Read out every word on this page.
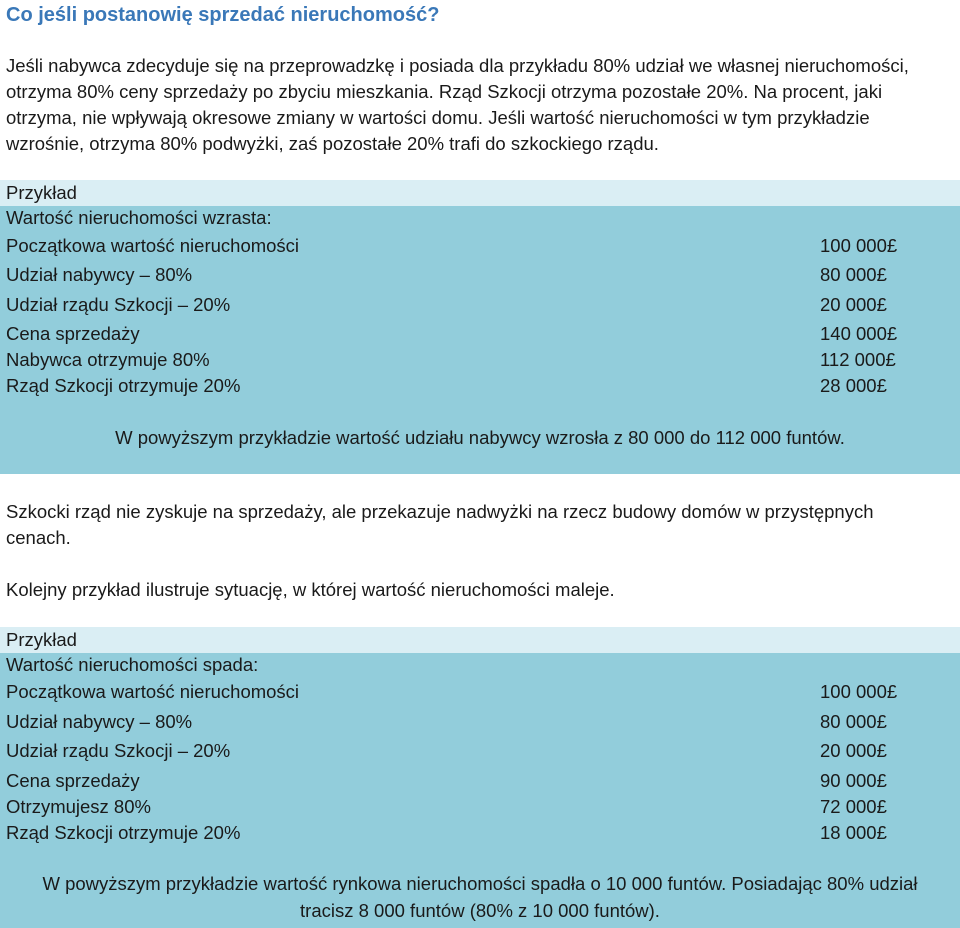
Co jeśli postanowię sprzedać nieruchomość?
Jeśli nabywca zdecyduje się na przeprowadzkę i posiada dla przykładu 80% udział we własnej nieruchomości,
otrzyma 80% ceny sprzedaży po zbyciu mieszkania. Rząd Szkocji otrzyma pozostałe 20%. Na procent, jaki
otrzyma, nie wpływają okresowe zmiany w wartości domu. Jeśli wartość nieruchomości w tym przykładzie
wzrośnie, otrzyma 80% podwyżki, zaś pozostałe 20% trafi do szkockiego rządu.
Przykład
Wartość nieruchomości wzrasta:
Początkowa wartość nieruchomości	100 000£
Udział nabywcy – 80%	80 000£
Udział rządu Szkocji – 20%	20 000£
Cena sprzedaży	140 000£
Nabywca otrzymuje 80%	112 000£
Rząd Szkocji otrzymuje 20%	28 000£
W powyższym przykładzie wartość udziału nabywcy wzrosła z 80 000 do 112 000 funtów.
Szkocki rząd nie zyskuje na sprzedaży, ale przekazuje nadwyżki na rzecz budowy domów w przystępnych
cenach.
Kolejny przykład ilustruje sytuację, w której wartość nieruchomości maleje.
Przykład
Wartość nieruchomości spada:
Początkowa wartość nieruchomości	100 000£
Udział nabywcy – 80%	80 000£
Udział rządu Szkocji – 20%	20 000£
Cena sprzedaży	90 000£
Otrzymujesz 80%	72 000£
Rząd Szkocji otrzymuje 20%	18 000£
W powyższym przykładzie wartość rynkowa nieruchomości spadła o 10 000 funtów. Posiadając 80% udział
tracisz 8 000 funtów (80% z 10 000 funtów).
